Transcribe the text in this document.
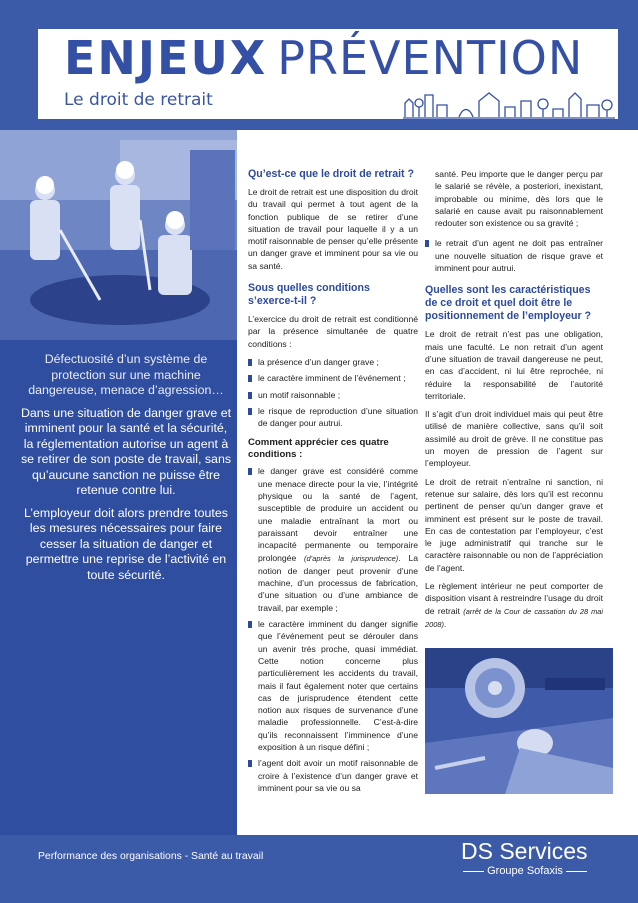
ENJEUX PRÉVENTION
Le droit de retrait

Défectuosité d’un système de protection sur une machine dangereuse, menace d’agression…

Dans une situation de danger grave et imminent pour la santé et la sécurité, la réglementation autorise un agent à se retirer de son poste de travail, sans qu’aucune sanction ne puisse être retenue contre lui.

L’employeur doit alors prendre toutes les mesures nécessaires pour faire cesser la situation de danger et permettre une reprise de l’activité en toute sécurité.

Qu’est-ce que le droit de retrait ?

Le droit de retrait est une disposition du droit du travail qui permet à tout agent de la fonction publique de se retirer d’une situation de travail pour laquelle il y a un motif raisonnable de penser qu’elle présente un danger grave et imminent pour sa vie ou sa santé.

Sous quelles conditions s’exerce-t-il ?

L’exercice du droit de retrait est conditionné par la présence simultanée de quatre conditions :

la présence d’un danger grave ;
le caractère imminent de l’événement ;
un motif raisonnable ;
le risque de reproduction d’une situation de danger pour autrui.
Comment apprécier ces quatre conditions :
le danger grave est considéré comme une menace directe pour la vie, l’intégrité physique ou la santé de l’agent, susceptible de produire un accident ou une maladie entraînant la mort ou paraissant devoir entraîner une incapacité permanente ou temporaire prolongée (d’après la jurisprudence). La notion de danger peut provenir d’une machine, d’un processus de fabrication, d’une situation ou d’une ambiance de travail, par exemple ;
le caractère imminent du danger signifie que l’événement peut se dérouler dans un avenir très proche, quasi immédiat. Cette notion concerne plus particulièrement les accidents du travail, mais il faut également noter que certains cas de jurisprudence étendent cette notion aux risques de survenance d’une maladie professionnelle. C’est-à-dire qu’ils reconnaissent l’imminence d’une exposition à un risque défini ;
l’agent doit avoir un motif raisonnable de croire à l’existence d’un danger grave et imminent pour sa vie ou sa
santé. Peu importe que le danger perçu par le salarié se révèle, a posteriori, inexistant, improbable ou minime, dès lors que le salarié en cause avait pu raisonnablement redouter son existence ou sa gravité ;
le retrait d’un agent ne doit pas entraîner une nouvelle situation de risque grave et imminent pour autrui.
Quelles sont les caractéristiques de ce droit et quel doit être le positionnement de l’employeur ?

Le droit de retrait n’est pas une obligation, mais une faculté. Le non retrait d’un agent d’une situation de travail dangereuse ne peut, en cas d’accident, ni lui être reprochée, ni réduire la responsabilité de l’autorité territoriale.

Il s’agit d’un droit individuel mais qui peut être utilisé de manière collective, sans qu’il soit assimilé au droit de grève. Il ne constitue pas un moyen de pression de l’agent sur l’employeur.

Le droit de retrait n’entraîne ni sanction, ni retenue sur salaire, dès lors qu’il est reconnu pertinent de penser qu’un danger grave et imminent est présent sur le poste de travail. En cas de contestation par l’employeur, c’est le juge administratif qui tranche sur le caractère raisonnable ou non de l’appréciation de l’agent.

Le règlement intérieur ne peut comporter de disposition visant à restreindre l’usage du droit de retrait (arrêt de la Cour de cassation du 28 mai 2008).

Performance des organisations - Santé au travail	DS Services
Groupe Sofaxis
